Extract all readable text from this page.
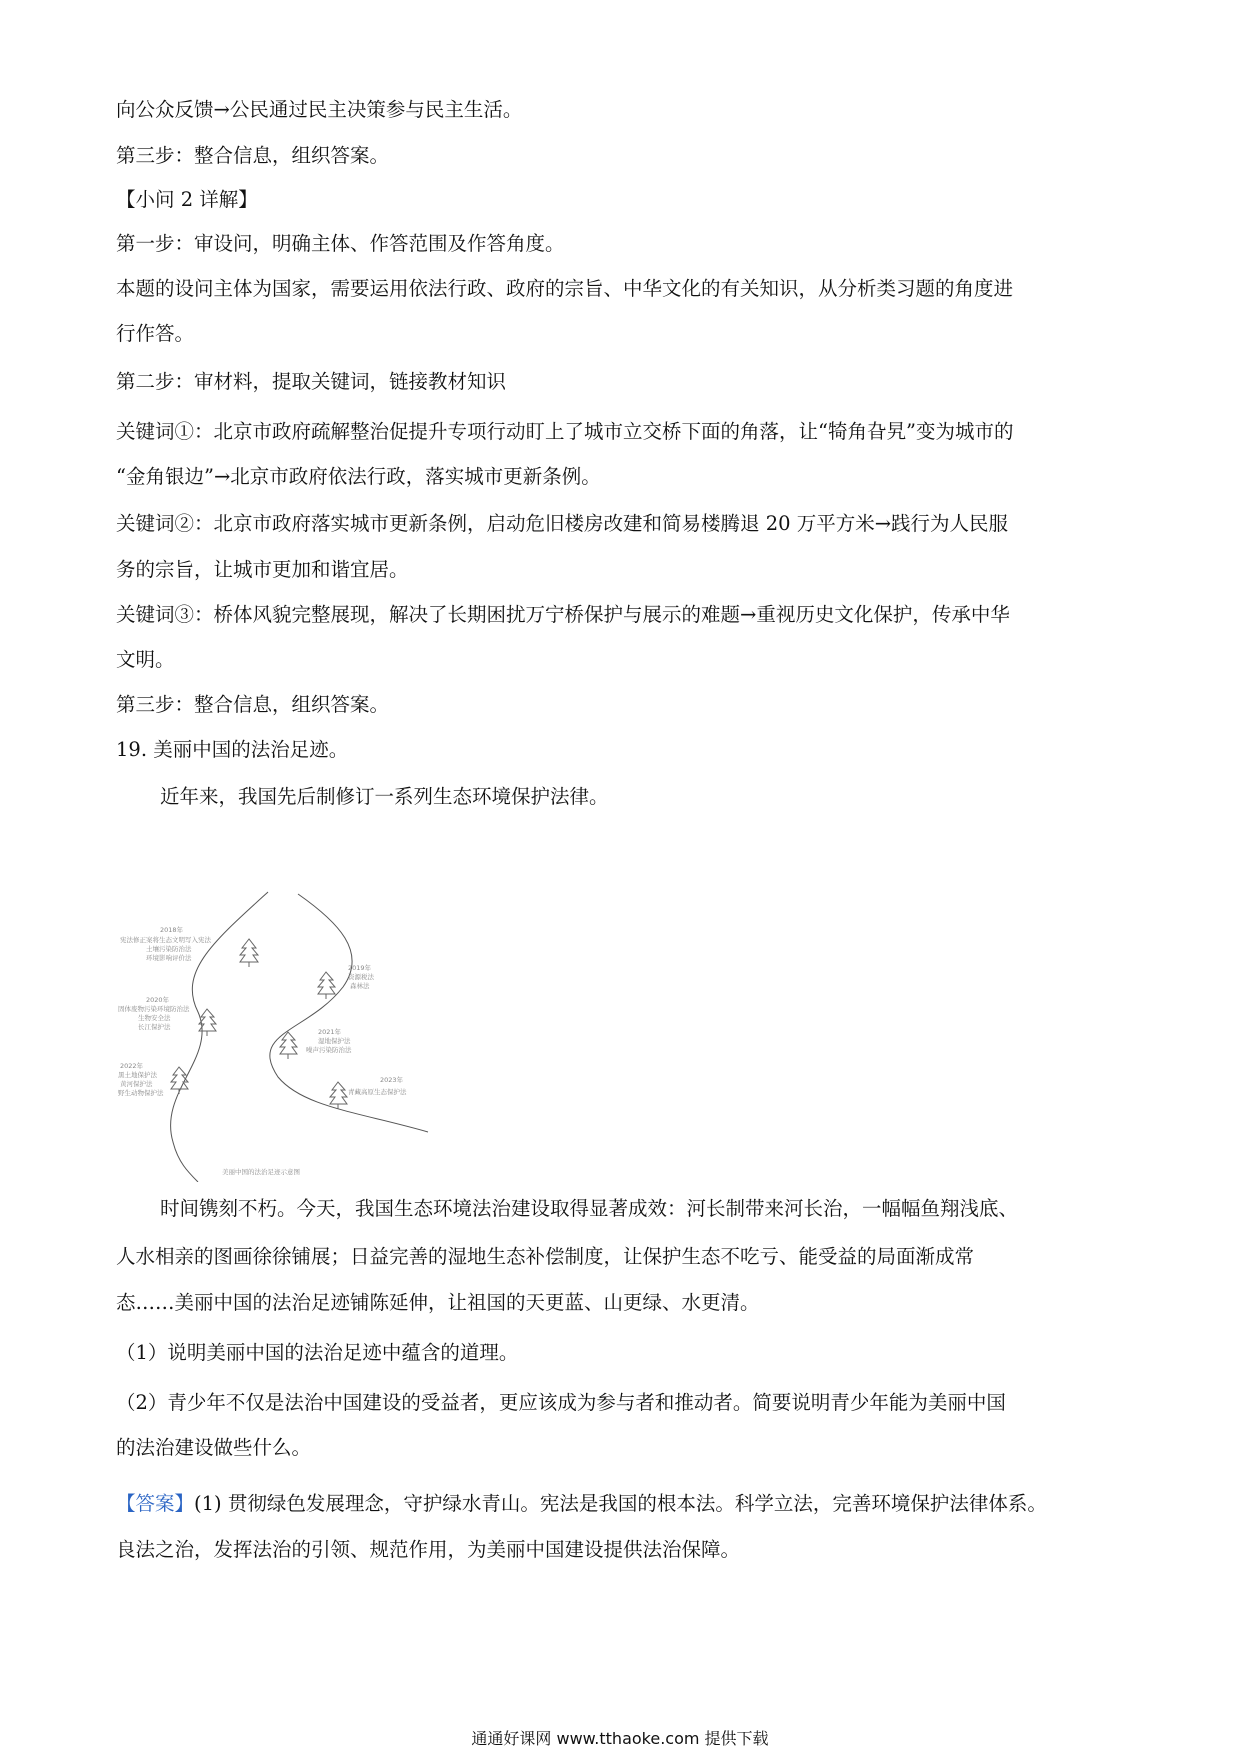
向公众反馈→公民通过民主决策参与民主生活。
第三步：整合信息，组织答案。
【小问 2 详解】
第一步：审设问，明确主体、作答范围及作答角度。
本题的设问主体为国家，需要运用依法行政、政府的宗旨、中华文化的有关知识，从分析类习题的角度进
行作答。
第二步：审材料，提取关键词，链接教材知识
关键词①：北京市政府疏解整治促提升专项行动盯上了城市立交桥下面的角落，让“犄角旮旯”变为城市的
“金角银边”→北京市政府依法行政，落实城市更新条例。
关键词②：北京市政府落实城市更新条例，启动危旧楼房改建和简易楼腾退 20 万平方米→践行为人民服
务的宗旨，让城市更加和谐宜居。
关键词③：桥体风貌完整展现，解决了长期困扰万宁桥保护与展示的难题→重视历史文化保护，传承中华
文明。
第三步：整合信息，组织答案。
19. 美丽中国的法治足迹。
近年来，我国先后制修订一系列生态环境保护法律。
2018年
宪法修正案将生态文明写入宪法
土壤污染防治法
环境影响评价法
2019年
资源税法
森林法
2020年
固体废物污染环境防治法
生物安全法
长江保护法
2021年
湿地保护法
噪声污染防治法
2022年
黑土地保护法
黄河保护法
野生动物保护法
2023年
青藏高原生态保护法
美丽中国的法治足迹示意图
时间镌刻不朽。今天，我国生态环境法治建设取得显著成效：河长制带来河长治，一幅幅鱼翔浅底、
人水相亲的图画徐徐铺展；日益完善的湿地生态补偿制度，让保护生态不吃亏、能受益的局面渐成常
态……美丽中国的法治足迹铺陈延伸，让祖国的天更蓝、山更绿、水更清。
（1）说明美丽中国的法治足迹中蕴含的道理。
（2）青少年不仅是法治中国建设的受益者，更应该成为参与者和推动者。简要说明青少年能为美丽中国
的法治建设做些什么。
【答案】(1) 贯彻绿色发展理念，守护绿水青山。宪法是我国的根本法。科学立法，完善环境保护法律体系。
良法之治，发挥法治的引领、规范作用，为美丽中国建设提供法治保障。
通通好课网 www.tthaoke.com 提供下载
